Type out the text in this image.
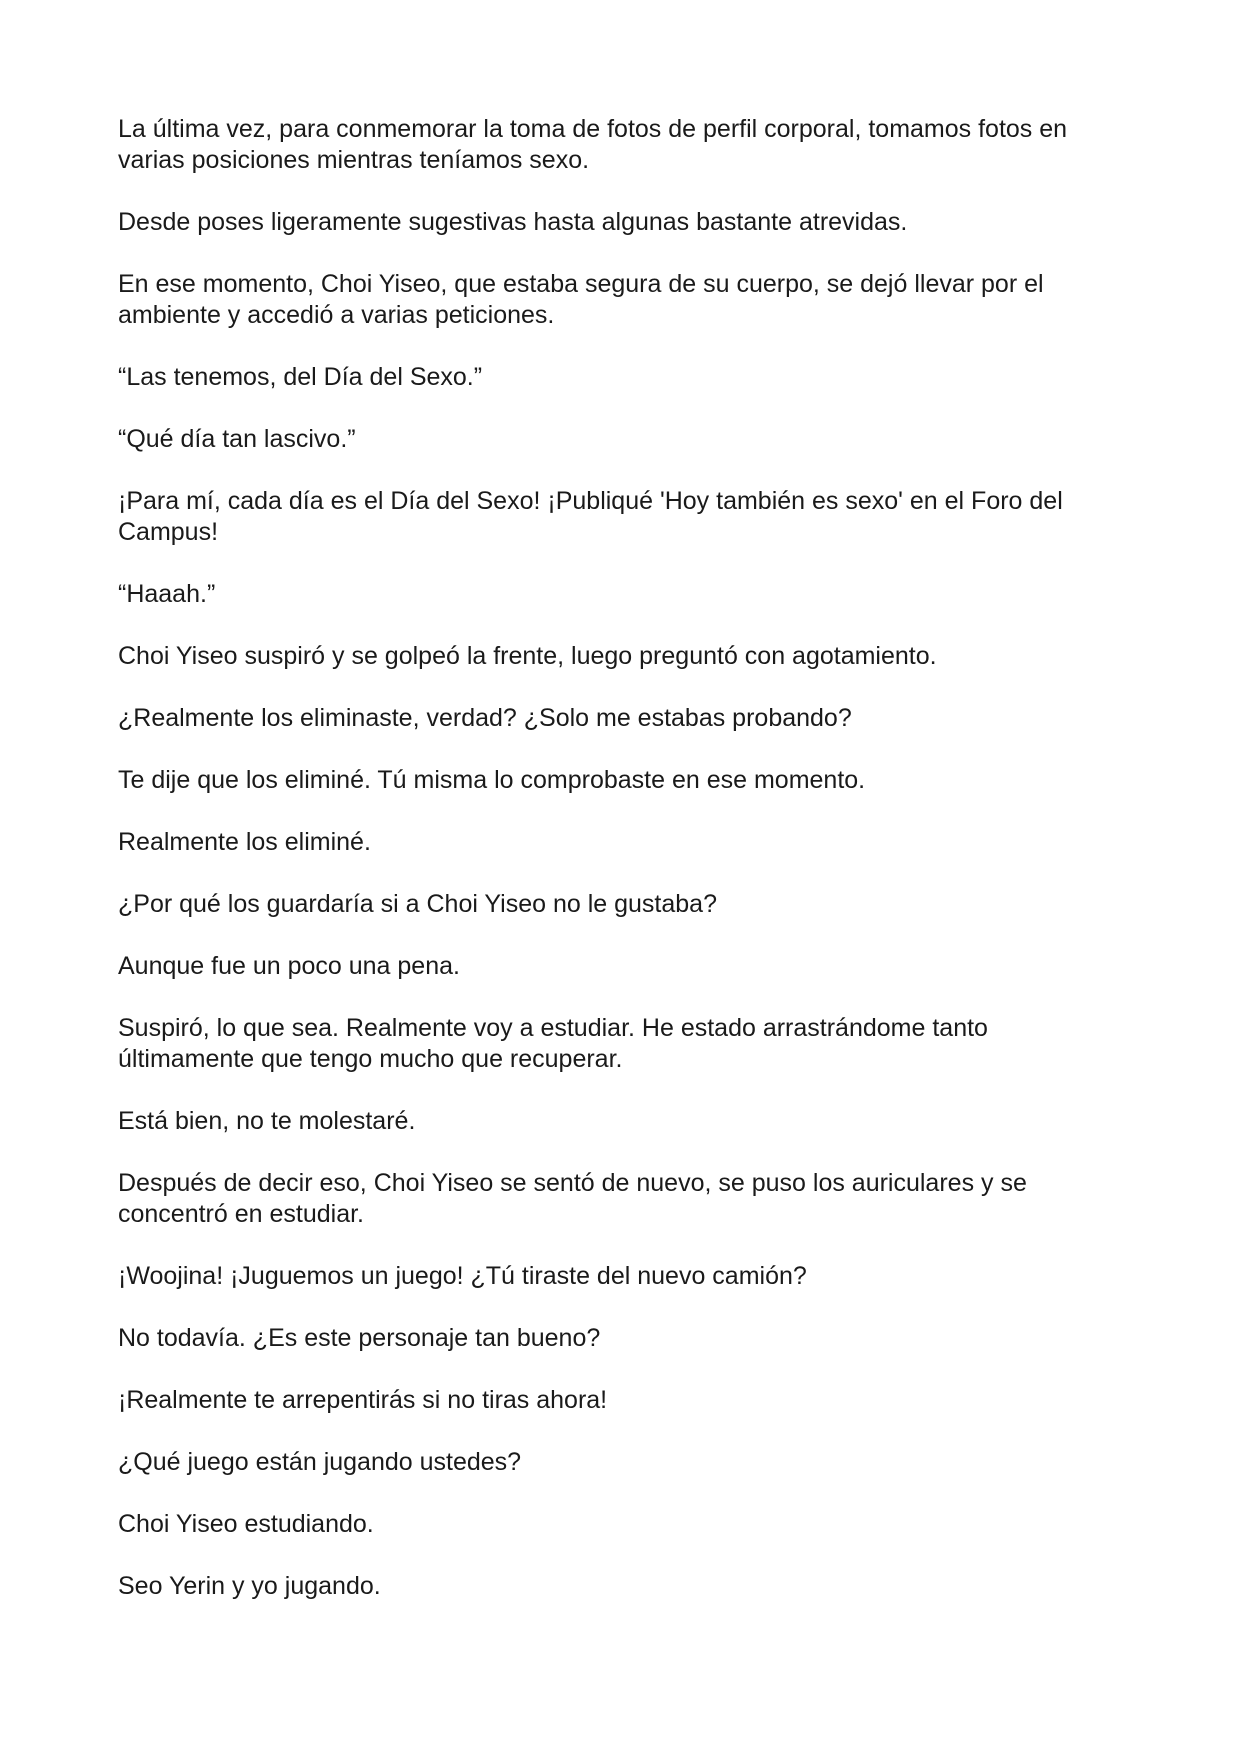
La última vez, para conmemorar la toma de fotos de perfil corporal, tomamos fotos en varias posiciones mientras teníamos sexo.

Desde poses ligeramente sugestivas hasta algunas bastante atrevidas.

En ese momento, Choi Yiseo, que estaba segura de su cuerpo, se dejó llevar por el ambiente y accedió a varias peticiones.

“Las tenemos, del Día del Sexo.”

“Qué día tan lascivo.”

¡Para mí, cada día es el Día del Sexo! ¡Publiqué 'Hoy también es sexo' en el Foro del Campus!

“Haaah.”

Choi Yiseo suspiró y se golpeó la frente, luego preguntó con agotamiento.

¿Realmente los eliminaste, verdad? ¿Solo me estabas probando?

Te dije que los eliminé. Tú misma lo comprobaste en ese momento.

Realmente los eliminé.

¿Por qué los guardaría si a Choi Yiseo no le gustaba?

Aunque fue un poco una pena.

Suspiró, lo que sea. Realmente voy a estudiar. He estado arrastrándome tanto últimamente que tengo mucho que recuperar.

Está bien, no te molestaré.

Después de decir eso, Choi Yiseo se sentó de nuevo, se puso los auriculares y se concentró en estudiar.

¡Woojina! ¡Juguemos un juego! ¿Tú tiraste del nuevo camión?

No todavía. ¿Es este personaje tan bueno?

¡Realmente te arrepentirás si no tiras ahora!

¿Qué juego están jugando ustedes?

Choi Yiseo estudiando.

Seo Yerin y yo jugando.
